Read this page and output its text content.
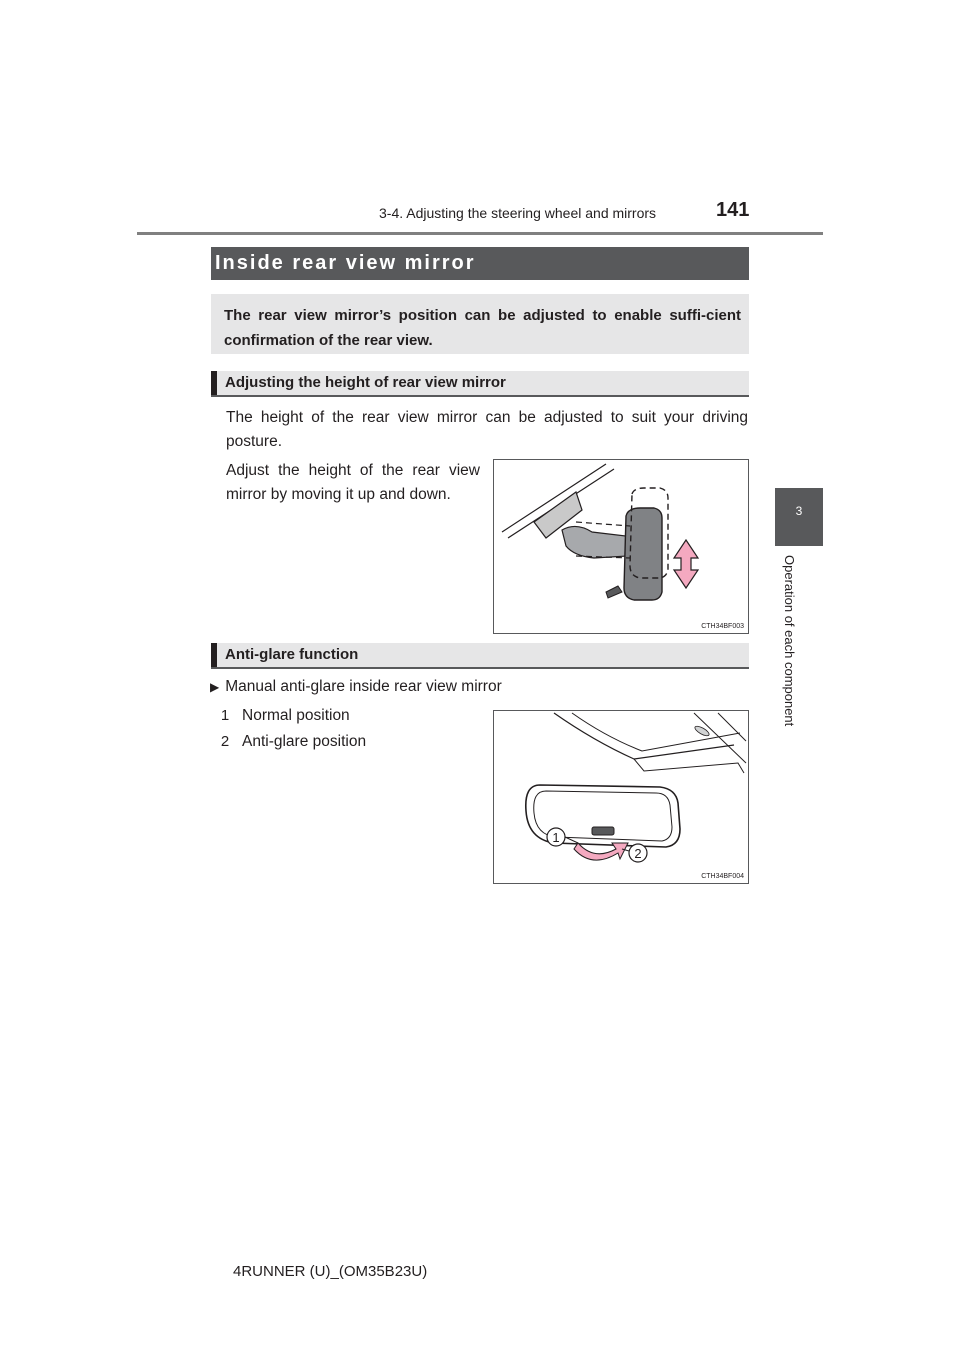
3-4. Adjusting the steering wheel and mirrors	141
3
Operation of each component
Inside rear view mirror
The rear view mirror’s position can be adjusted to enable suffi-cient confirmation of the rear view.
Adjusting the height of rear view mirror
The height of the rear view mirror can be adjusted to suit your driving posture.
Adjust the height of the rear view mirror by moving it up and down.
CTH34BF003
Anti-glare function
▶ Manual anti-glare inside rear view mirror
1 Normal position
2 Anti-glare position
1
2
CTH34BF004
4RUNNER (U)_(OM35B23U)
